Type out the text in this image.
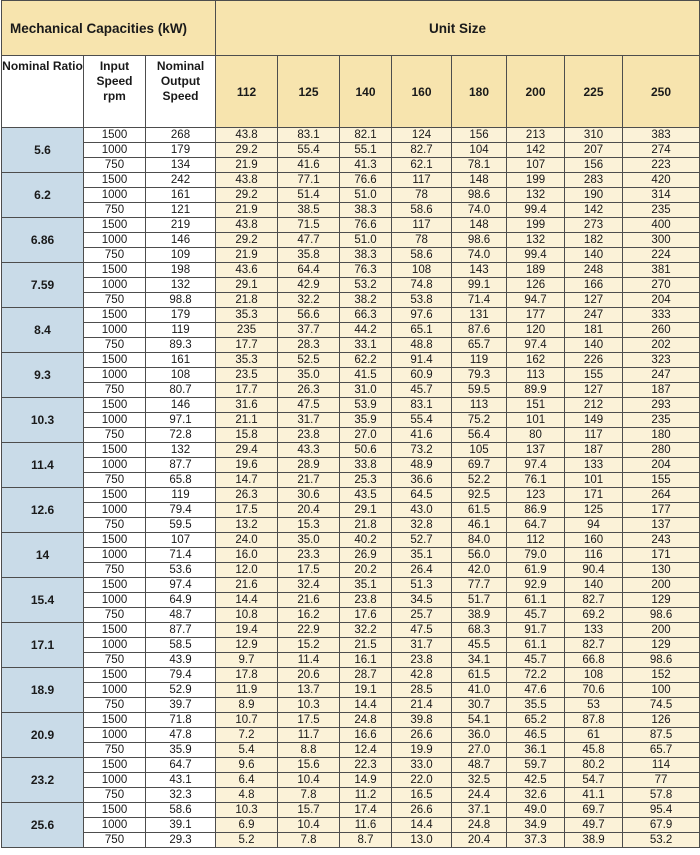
Mechanical Capacities (kW)			Unit Size							
Nominal Ratio	Input Speed rpm	Nominal Output Speed	112	125	140	160	180	200	225	250
5.6	1500	268	43.8	83.1	82.1	124	156	213	310	383
	1000	179	29.2	55.4	55.1	82.7	104	142	207	274
	750	134	21.9	41.6	41.3	62.1	78.1	107	156	223
6.2	1500	242	43.8	77.1	76.6	117	148	199	283	420
	1000	161	29.2	51.4	51.0	78	98.6	132	190	314
	750	121	21.9	38.5	38.3	58.6	74.0	99.4	142	235
6.86	1500	219	43.8	71.5	76.6	117	148	199	273	400
	1000	146	29.2	47.7	51.0	78	98.6	132	182	300
	750	109	21.9	35.8	38.3	58.6	74.0	99.4	140	224
7.59	1500	198	43.6	64.4	76.3	108	143	189	248	381
	1000	132	29.1	42.9	53.2	74.8	99.1	126	166	270
	750	98.8	21.8	32.2	38.2	53.8	71.4	94.7	127	204
8.4	1500	179	35.3	56.6	66.3	97.6	131	177	247	333
	1000	119	235	37.7	44.2	65.1	87.6	120	181	260
	750	89.3	17.7	28.3	33.1	48.8	65.7	97.4	140	202
9.3	1500	161	35.3	52.5	62.2	91.4	119	162	226	323
	1000	108	23.5	35.0	41.5	60.9	79.3	113	155	247
	750	80.7	17.7	26.3	31.0	45.7	59.5	89.9	127	187
10.3	1500	146	31.6	47.5	53.9	83.1	113	151	212	293
	1000	97.1	21.1	31.7	35.9	55.4	75.2	101	149	235
	750	72.8	15.8	23.8	27.0	41.6	56.4	80	117	180
11.4	1500	132	29.4	43.3	50.6	73.2	105	137	187	280
	1000	87.7	19.6	28.9	33.8	48.9	69.7	97.4	133	204
	750	65.8	14.7	21.7	25.3	36.6	52.2	76.1	101	155
12.6	1500	119	26.3	30.6	43.5	64.5	92.5	123	171	264
	1000	79.4	17.5	20.4	29.1	43.0	61.5	86.9	125	177
	750	59.5	13.2	15.3	21.8	32.8	46.1	64.7	94	137
14	1500	107	24.0	35.0	40.2	52.7	84.0	112	160	243
	1000	71.4	16.0	23.3	26.9	35.1	56.0	79.0	116	171
	750	53.6	12.0	17.5	20.2	26.4	42.0	61.9	90.4	130
15.4	1500	97.4	21.6	32.4	35.1	51.3	77.7	92.9	140	200
	1000	64.9	14.4	21.6	23.8	34.5	51.7	61.1	82.7	129
	750	48.7	10.8	16.2	17.6	25.7	38.9	45.7	69.2	98.6
17.1	1500	87.7	19.4	22.9	32.2	47.5	68.3	91.7	133	200
	1000	58.5	12.9	15.2	21.5	31.7	45.5	61.1	82.7	129
	750	43.9	9.7	11.4	16.1	23.8	34.1	45.7	66.8	98.6
18.9	1500	79.4	17.8	20.6	28.7	42.8	61.5	72.2	108	152
	1000	52.9	11.9	13.7	19.1	28.5	41.0	47.6	70.6	100
	750	39.7	8.9	10.3	14.4	21.4	30.7	35.5	53	74.5
20.9	1500	71.8	10.7	17.5	24.8	39.8	54.1	65.2	87.8	126
	1000	47.8	7.2	11.7	16.6	26.6	36.0	46.5	61	87.5
	750	35.9	5.4	8.8	12.4	19.9	27.0	36.1	45.8	65.7
23.2	1500	64.7	9.6	15.6	22.3	33.0	48.7	59.7	80.2	114
	1000	43.1	6.4	10.4	14.9	22.0	32.5	42.5	54.7	77
	750	32.3	4.8	7.8	11.2	16.5	24.4	32.6	41.1	57.8
25.6	1500	58.6	10.3	15.7	17.4	26.6	37.1	49.0	69.7	95.4
	1000	39.1	6.9	10.4	11.6	14.4	24.8	34.9	49.7	67.9
	750	29.3	5.2	7.8	8.7	13.0	20.4	37.3	38.9	53.2
